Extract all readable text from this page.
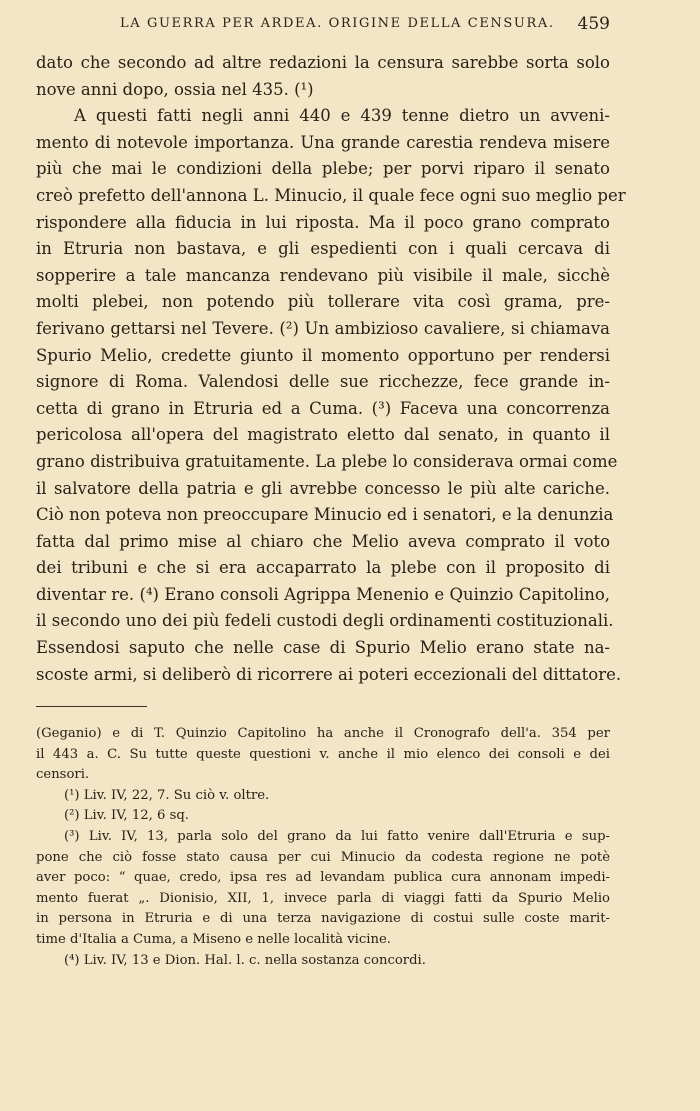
LA GUERRA PER ARDEA. ORIGINE DELLA CENSURA. 459
dato che secondo ad altre redazioni la censura sarebbe sorta solo
nove anni dopo, ossia nel 435. (¹)
A questi fatti negli anni 440 e 439 tenne dietro un avveni-
mento di notevole importanza. Una grande carestia rendeva misere
più che mai le condizioni della plebe; per porvi riparo il senato
creò prefetto dell'annona L. Minucio, il quale fece ogni suo meglio per
rispondere alla fiducia in lui riposta. Ma il poco grano comprato
in Etruria non bastava, e gli espedienti con i quali cercava di
sopperire a tale mancanza rendevano più visibile il male, sicchè
molti plebei, non potendo più tollerare vita così grama, pre-
ferivano gettarsi nel Tevere. (²) Un ambizioso cavaliere, si chiamava
Spurio Melio, credette giunto il momento opportuno per rendersi
signore di Roma. Valendosi delle sue ricchezze, fece grande in-
cetta di grano in Etruria ed a Cuma. (³) Faceva una concorrenza
pericolosa all'opera del magistrato eletto dal senato, in quanto il
grano distribuiva gratuitamente. La plebe lo considerava ormai come
il salvatore della patria e gli avrebbe concesso le più alte cariche.
Ciò non poteva non preoccupare Minucio ed i senatori, e la denunzia
fatta dal primo mise al chiaro che Melio aveva comprato il voto
dei tribuni e che si era accaparrato la plebe con il proposito di
diventar re. (⁴) Erano consoli Agrippa Menenio e Quinzio Capitolino,
il secondo uno dei più fedeli custodi degli ordinamenti costituzionali.
Essendosi saputo che nelle case di Spurio Melio erano state na-
scoste armi, si deliberò di ricorrere ai poteri eccezionali del dittatore.
(Geganio) e di T. Quinzio Capitolino ha anche il Cronografo dell'a. 354 per
il 443 a. C. Su tutte queste questioni v. anche il mio elenco dei consoli e dei
censori.
(¹) Liv. IV, 22, 7. Su ciò v. oltre.
(²) Liv. IV, 12, 6 sq.
(³) Liv. IV, 13, parla solo del grano da lui fatto venire dall'Etruria e sup-
pone che ciò fosse stato causa per cui Minucio da codesta regione ne potè
aver poco: “ quae, credo, ipsa res ad levandam publica cura annonam impedi-
mento fuerat „. Dionisio, XII, 1, invece parla di viaggi fatti da Spurio Melio
in persona in Etruria e di una terza navigazione di costui sulle coste marit-
time d'Italia a Cuma, a Miseno e nelle località vicine.
(⁴) Liv. IV, 13 e Dion. Hal. l. c. nella sostanza concordi.
